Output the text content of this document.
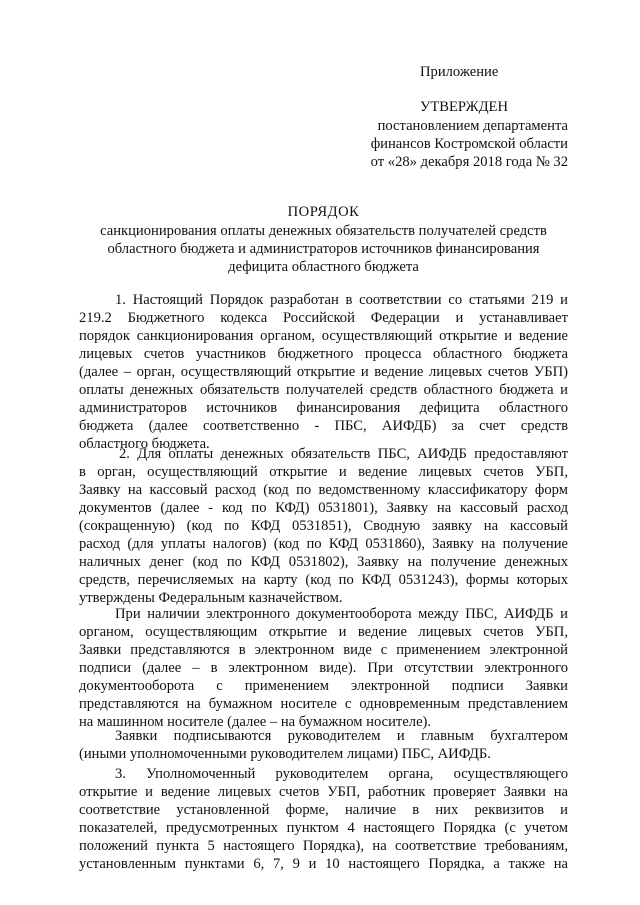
Приложение
УТВЕРЖДЕН
постановлением департамента
финансов Костромской области
от «28» декабря 2018 года № 32
ПОРЯДОК
санкционирования оплаты денежных обязательств получателей средств
областного бюджета и администраторов источников финансирования
дефицита областного бюджета
1. Настоящий Порядок разработан в соответствии со статьями 219 и
219.2 Бюджетного кодекса Российской Федерации и устанавливает
порядок санкционирования органом, осуществляющий открытие и ведение
лицевых счетов участников бюджетного процесса областного бюджета
(далее – орган, осуществляющий открытие и ведение лицевых счетов УБП)
оплаты денежных обязательств получателей средств областного бюджета и
администраторов источников финансирования дефицита областного
бюджета (далее соответственно - ПБС, АИФДБ) за счет средств
областного бюджета.
2. Для оплаты денежных обязательств ПБС, АИФДБ предоставляют
в орган, осуществляющий открытие и ведение лицевых счетов УБП,
Заявку на кассовый расход (код по ведомственному классификатору форм
документов (далее - код по КФД) 0531801), Заявку на кассовый расход
(сокращенную) (код по КФД 0531851), Сводную заявку на кассовый
расход (для уплаты налогов) (код по КФД 0531860), Заявку на получение
наличных денег (код по КФД 0531802), Заявку на получение денежных
средств, перечисляемых на карту (код по КФД 0531243), формы которых
утверждены Федеральным казначейством.
При наличии электронного документооборота между ПБС, АИФДБ и
органом, осуществляющим открытие и ведение лицевых счетов УБП,
Заявки представляются в электронном виде с применением электронной
подписи (далее – в электронном виде). При отсутствии электронного
документооборота с применением электронной подписи Заявки
представляются на бумажном носителе с одновременным представлением
на машинном носителе (далее – на бумажном носителе).
Заявки подписываются руководителем и главным бухгалтером
(иными уполномоченными руководителем лицами) ПБС, АИФДБ.
3. Уполномоченный руководителем органа, осуществляющего
открытие и ведение лицевых счетов УБП, работник проверяет Заявки на
соответствие установленной форме, наличие в них реквизитов и
показателей, предусмотренных пунктом 4 настоящего Порядка (с учетом
положений пункта 5 настоящего Порядка), на соответствие требованиям,
установленным пунктами 6, 7, 9 и 10 настоящего Порядка, а также на
